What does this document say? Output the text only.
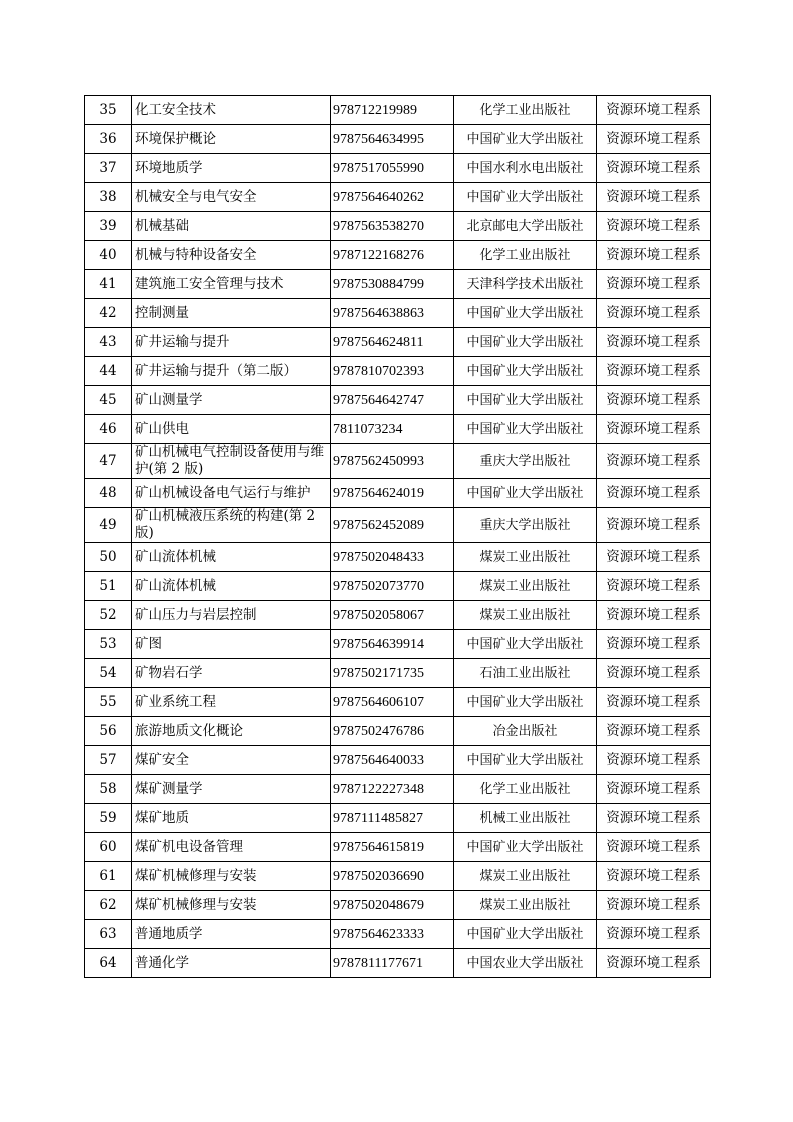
35	化工安全技术	978712219989	化学工业出版社	资源环境工程系
36	环境保护概论	9787564634995	中国矿业大学出版社	资源环境工程系
37	环境地质学	9787517055990	中国水利水电出版社	资源环境工程系
38	机械安全与电气安全	9787564640262	中国矿业大学出版社	资源环境工程系
39	机械基础	9787563538270	北京邮电大学出版社	资源环境工程系
40	机械与特种设备安全	9787122168276	化学工业出版社	资源环境工程系
41	建筑施工安全管理与技术	9787530884799	天津科学技术出版社	资源环境工程系
42	控制测量	9787564638863	中国矿业大学出版社	资源环境工程系
43	矿井运输与提升	9787564624811	中国矿业大学出版社	资源环境工程系
44	矿井运输与提升（第二版）	9787810702393	中国矿业大学出版社	资源环境工程系
45	矿山测量学	9787564642747	中国矿业大学出版社	资源环境工程系
46	矿山供电	7811073234	中国矿业大学出版社	资源环境工程系
47	矿山机械电气控制设备使用与维护(第 2 版)	9787562450993	重庆大学出版社	资源环境工程系
48	矿山机械设备电气运行与维护	9787564624019	中国矿业大学出版社	资源环境工程系
49	矿山机械液压系统的构建(第 2 版)	9787562452089	重庆大学出版社	资源环境工程系
50	矿山流体机械	9787502048433	煤炭工业出版社	资源环境工程系
51	矿山流体机械	9787502073770	煤炭工业出版社	资源环境工程系
52	矿山压力与岩层控制	9787502058067	煤炭工业出版社	资源环境工程系
53	矿图	9787564639914	中国矿业大学出版社	资源环境工程系
54	矿物岩石学	9787502171735	石油工业出版社	资源环境工程系
55	矿业系统工程	9787564606107	中国矿业大学出版社	资源环境工程系
56	旅游地质文化概论	9787502476786	冶金出版社	资源环境工程系
57	煤矿安全	9787564640033	中国矿业大学出版社	资源环境工程系
58	煤矿测量学	9787122227348	化学工业出版社	资源环境工程系
59	煤矿地质	9787111485827	机械工业出版社	资源环境工程系
60	煤矿机电设备管理	9787564615819	中国矿业大学出版社	资源环境工程系
61	煤矿机械修理与安装	9787502036690	煤炭工业出版社	资源环境工程系
62	煤矿机械修理与安装	9787502048679	煤炭工业出版社	资源环境工程系
63	普通地质学	9787564623333	中国矿业大学出版社	资源环境工程系
64	普通化学	9787811177671	中国农业大学出版社	资源环境工程系
